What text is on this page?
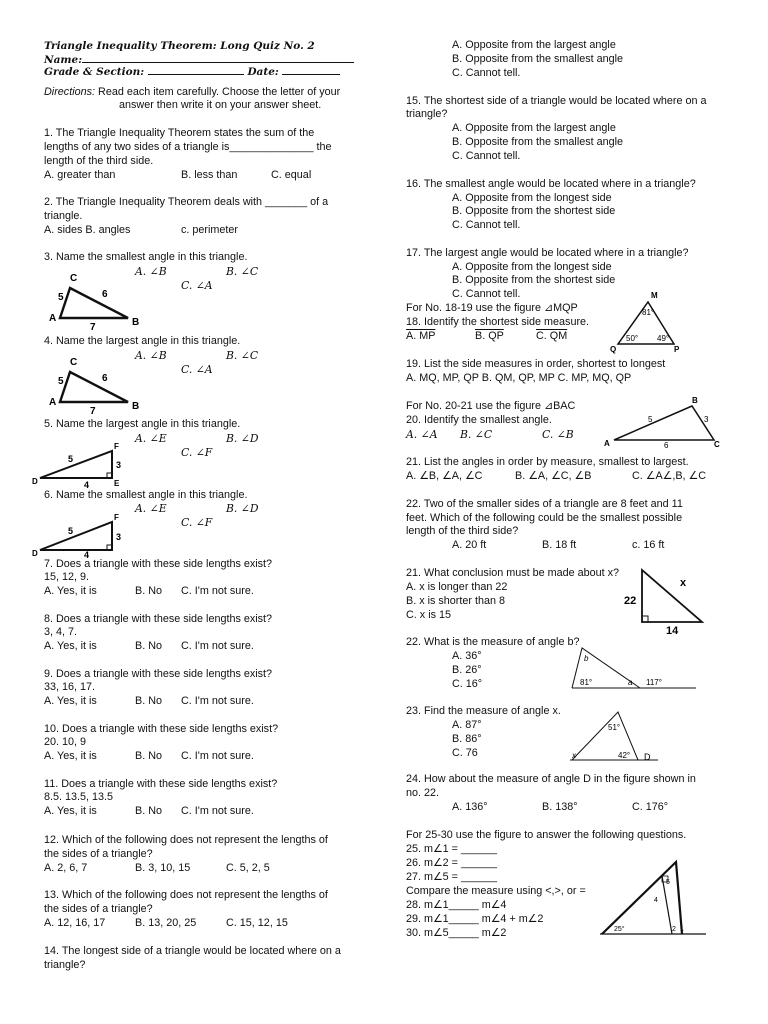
Triangle Inequality Theorem: Long Quiz No. 2
Name:
Grade & Section:	Date:
Directions: Read each item carefully. Choose the letter of your
answer then write it on your answer sheet.
1. The Triangle Inequality Theorem states the sum of the
lengths of any two sides of a triangle is______________ the
length of the third side.
A. greater than	B. less than	C. equal
2. The Triangle Inequality Theorem deals with _______ of a
triangle.
A. sides B. angles	c. perimeter
3. Name the smallest angle in this triangle.
A. ∠B	B. ∠C
C. ∠A
C
A	B
5	6
7
4. Name the largest angle in this triangle.
A. ∠B	B. ∠C
C. ∠A
C
A	B
5	6
7
5. Name the largest angle in this triangle.
A. ∠E	B. ∠D
C. ∠F
F
D	E
5
3
4
6. Name the smallest angle in this triangle.
A. ∠E	B. ∠D
C. ∠F
F
D
5
3
4
7. Does a triangle with these side lengths exist?
15, 12, 9.
A. Yes, it is	B. No C. I'm not sure.
8. Does a triangle with these side lengths exist?
3, 4, 7.
A. Yes, it is	B. No C. I'm not sure.
9. Does a triangle with these side lengths exist?
33, 16, 17.
A. Yes, it is	B. No C. I'm not sure.
10. Does a triangle with these side lengths exist?
20. 10, 9
A. Yes, it is	B. No C. I'm not sure.
11. Does a triangle with these side lengths exist?
8.5. 13.5, 13.5
A. Yes, it is	B. No C. I'm not sure.
12. Which of the following does not represent the lengths of
the sides of a triangle?
A. 2, 6, 7	B. 3, 10, 15	C. 5, 2, 5
13. Which of the following does not represent the lengths of
the sides of a triangle?
A. 12, 16, 17	B. 13, 20, 25	C. 15, 12, 15
14. The longest side of a triangle would be located where on a
triangle?
A. Opposite from the largest angle
B. Opposite from the smallest angle
C. Cannot tell.
15. The shortest side of a triangle would be located where on a
triangle?
A. Opposite from the largest angle
B. Opposite from the smallest angle
C. Cannot tell.
16. The smallest angle would be located where in a triangle?
A. Opposite from the longest side
B. Opposite from the shortest side
C. Cannot tell.
17. The largest angle would be located where in a triangle?
A. Opposite from the longest side
B. Opposite from the shortest side
C. Cannot tell.
For No. 18-19 use the figure ⊿MQP
18. Identify the shortest side measure.
A. MP	B. QP	C. QM
M
Q	P
81°
50° 49°
19. List the side measures in order, shortest to longest
A. MQ, MP, QP B. QM, QP, MP C. MP, MQ, QP
For No. 20-21 use the figure ⊿BAC
20. Identify the smallest angle.
A. ∠A B. ∠C	C. ∠B
B
A	C
5	3
6
21. List the angles in order by measure, smallest to largest.
A. ∠B, ∠A, ∠C	B. ∠A, ∠C, ∠B	C. ∠A∠,B, ∠C
22. Two of the smaller sides of a triangle are 8 feet and 11
feet. Which of the following could be the smallest possible
length of the third side?
A. 20 ft	B. 18 ft	c. 16 ft
21. What conclusion must be made about x?
A. x is longer than 22
B. x is shorter than 8
C. x is 15
x
22
14
22. What is the measure of angle b?
A. 36°
B. 26°
C. 16°
b
81°	a 117°
23. Find the measure of angle x.
A. 87°
B. 86°
C. 76
51°
x	42° D
24. How about the measure of angle D in the figure shown in
no. 22.
A. 136°	B. 138°	C. 176°
For 25-30 use the figure to answer the following questions.
25. m∠1 = ______
26. m∠2 = ______
27. m∠5 = ______
Compare the measure using <,>, or =
28. m∠1_____ m∠4
29. m∠1_____ m∠4 + m∠2
30. m∠5_____ m∠2	25°	1
2
4
5
